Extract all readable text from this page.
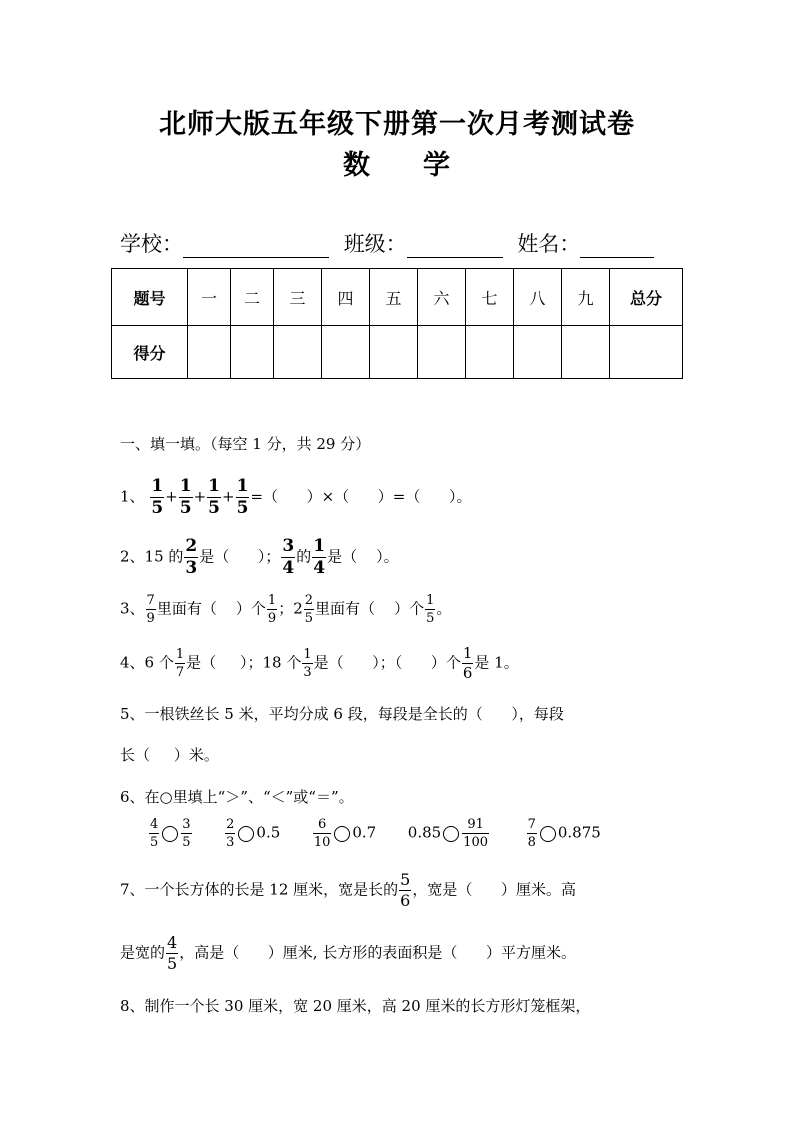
北师大版五年级下册第一次月考测试卷
数     学
学校：	班级：	姓名：
题号	一	二	三	四	五	六	七	八	九	总分
得分										
一、填一填。（每空 1 分，共 29 分）
1、 $\frac{1}{5} + \frac{1}{5} + \frac{1}{5} + \frac{1}{5}$ =（      ）×（      ）=（      ）。
2、15 的 $\frac{2}{3}$ 是（      ）； $\frac{3}{4}$ 的 $\frac{1}{4}$ 是（    ）。
3、 $\frac{7}{9}$ 里面有（    ）个 $\frac{1}{9}$ ；$2 \frac{2}{5}$ 里面有（    ）个 $\frac{1}{5}$ 。
4、6 个 $\frac{1}{7}$ 是（     ）；18 个 $\frac{1}{3}$ 是（      ）；（      ）个 $\frac{1}{6}$ 是 1。
5、一根铁丝长 5 米，平均分成 6 段，每段是全长的（      ），每段
长（     ）米。
6、在○里填上“＞”、“＜”或“＝”。
$\frac{4}{5} \frac{3}{5}$
	$\frac{2}{3} 0.5$	$\frac{6}{10} 0.7$ $0.85 \frac{91}{100}$
	$\frac{7}{8} 0.875$
7、一个长方体的长是 12 厘米，宽是长的 $\frac{5}{6}$ ，宽是（      ）厘米。高
是宽的 $\frac{4}{5}$ ，高是（      ）厘米, 长方形的表面积是（      ）平方厘米。
8、制作一个长 30 厘米，宽 20 厘米，高 20 厘米的长方形灯笼框架，
